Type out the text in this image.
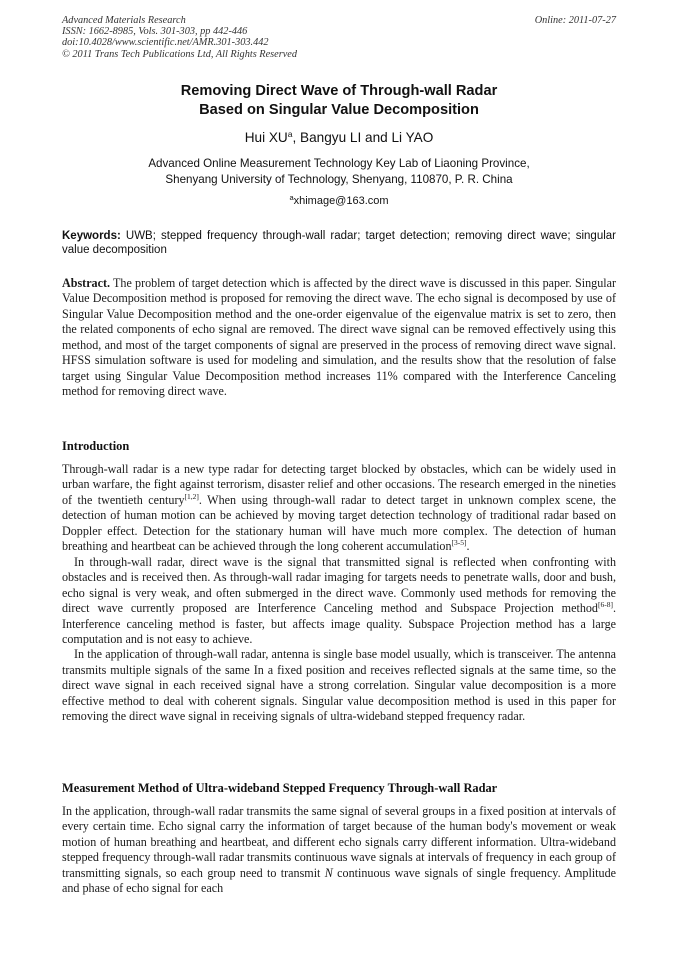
Advanced Materials Research
ISSN: 1662-8985, Vols. 301-303, pp 442-446
doi:10.4028/www.scientific.net/AMR.301-303.442
© 2011 Trans Tech Publications Ltd, All Rights Reserved
Online: 2011-07-27
Removing Direct Wave of Through-wall Radar
Based on Singular Value Decomposition
Hui $XU^a$, Bangyu LI and Li YAO
Advanced Online Measurement Technology Key Lab of Liaoning Province,
Shenyang University of Technology, Shenyang, 110870, P. R. China
$^a$xhimage@163.com
Keywords: UWB; stepped frequency through-wall radar; target detection; removing direct wave; singular value decomposition

Abstract. The problem of target detection which is affected by the direct wave is discussed in this paper. Singular Value Decomposition method is proposed for removing the direct wave. The echo signal is decomposed by use of Singular Value Decomposition method and the one-order eigenvalue of the eigenvalue matrix is set to zero, then the related components of echo signal are removed. The direct wave signal can be removed effectively using this method, and most of the target components of signal are preserved in the process of removing direct wave signal. HFSS simulation software is used for modeling and simulation, and the results show that the resolution of false target using Singular Value Decomposition method increases 11% compared with the Interference Canceling method for removing direct wave.

Introduction

Through-wall radar is a new type radar for detecting target blocked by obstacles, which can be widely used in urban warfare, the fight against terrorism, disaster relief and other occasions. The research emerged in the nineties of the twentieth century[1,2]. When using through-wall radar to detect target in unknown complex scene, the detection of human motion can be achieved by moving target detection technology of traditional radar based on Doppler effect. Detection for the stationary human will have much more complex. The detection of human breathing and heartbeat can be achieved through the long coherent accumulation[3-5].

In through-wall radar, direct wave is the signal that transmitted signal is reflected when confronting with obstacles and is received then. As through-wall radar imaging for targets needs to penetrate walls, door and bush, echo signal is very weak, and often submerged in the direct wave. Commonly used methods for removing the direct wave currently proposed are Interference Canceling method and Subspace Projection method[6-8]. Interference canceling method is faster, but affects image quality. Subspace Projection method has a large computation and is not easy to achieve.

In the application of through-wall radar, antenna is single base model usually, which is transceiver. The antenna transmits multiple signals of the same In a fixed position and receives reflected signals at the same time, so the direct wave signal in each received signal have a strong correlation. Singular value decomposition is a more effective method to deal with coherent signals. Singular value decomposition method is used in this paper for removing the direct wave signal in receiving signals of ultra-wideband stepped frequency radar.

Measurement Method of Ultra-wideband Stepped Frequency Through-wall Radar

In the application, through-wall radar transmits the same signal of several groups in a fixed position at intervals of every certain time. Echo signal carry the information of target because of the human body's movement or weak motion of human breathing and heartbeat, and different echo signals carry different information. Ultra-wideband stepped frequency through-wall radar transmits continuous wave signals at intervals of frequency in each group of transmitting signals, so each group need to transmit N continuous wave signals of single frequency. Amplitude and phase of echo signal for each
